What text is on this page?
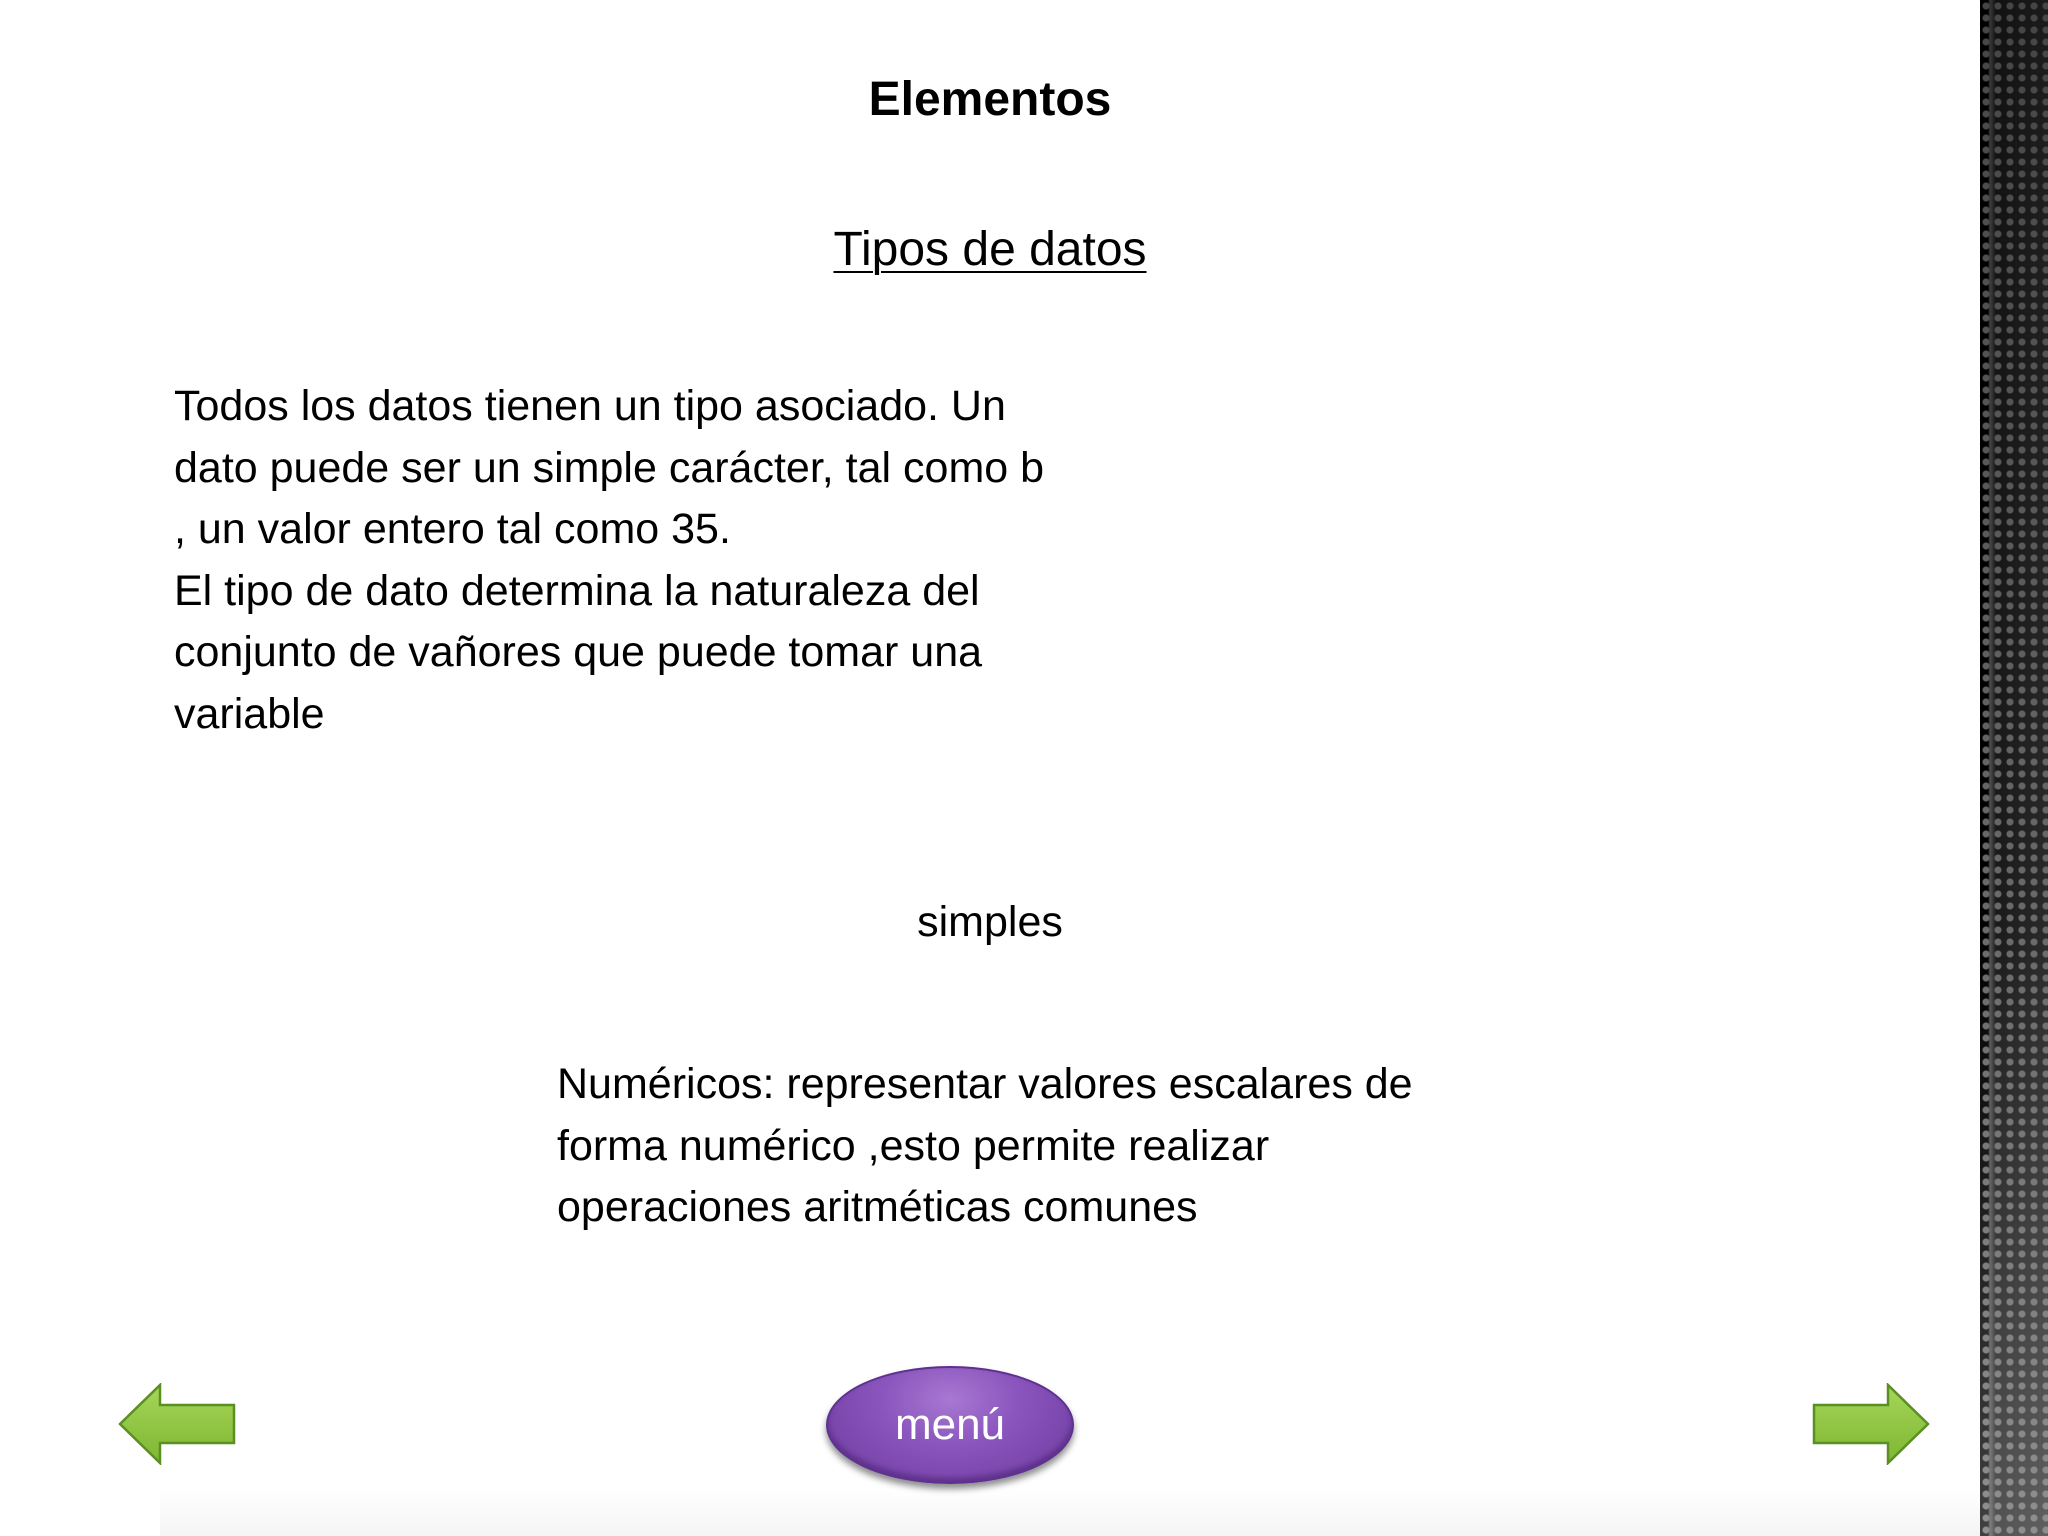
Elementos
Tipos de datos

Todos los datos tienen un tipo asociado. Un dato puede ser un simple carácter, tal como b , un valor entero tal como 35.

El tipo de dato determina la naturaleza del conjunto de vañores que puede tomar una variable

simples
Numéricos: representar valores escalares de forma numérico ,esto permite realizar operaciones aritméticas comunes
menú
